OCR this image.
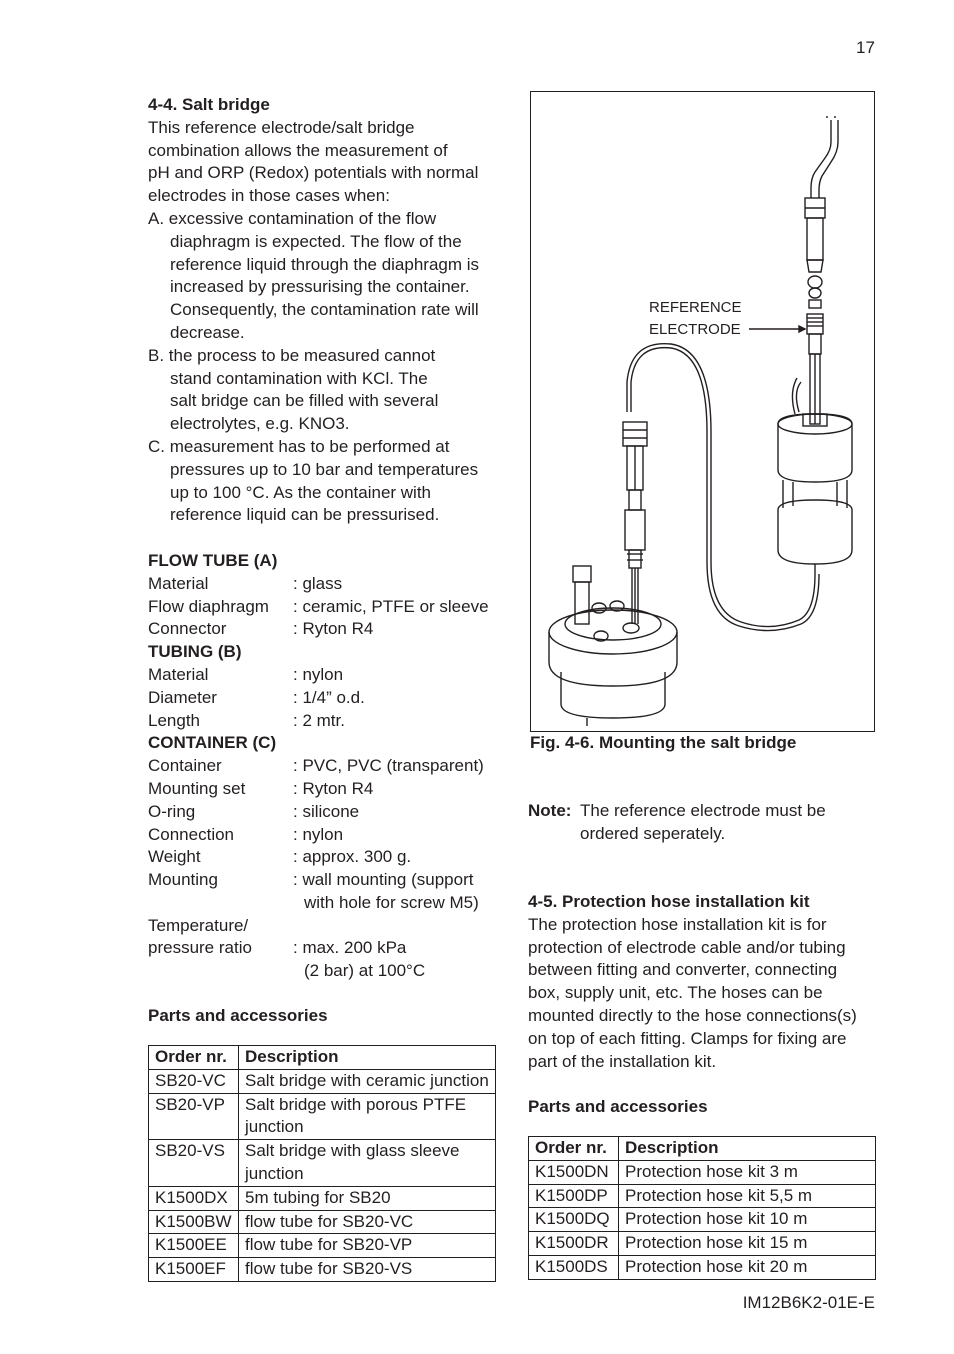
17

4-4. Salt bridge

This reference electrode/salt bridge

combination allows the measurement of

pH and ORP (Redox) potentials with normal

electrodes in those cases when:

A. excessive contamination of the flow

diaphragm is expected. The flow of the

reference liquid through the diaphragm is

increased by pressurising the container.

Consequently, the contamination rate will

decrease.

B. the process to be measured cannot

stand contamination with KCl. The

salt bridge can be filled with several

electrolytes, e.g. KNO3.

C. measurement has to be performed at

pressures up to 10 bar and temperatures

up to 100 °C. As the container with

reference liquid can be pressurised.

FLOW TUBE (A)

Material	: glass
Flow diaphragm	: ceramic, PTFE or sleeve
Connector	: Ryton R4

TUBING (B)

Material	: nylon
Diameter	: 1/4” o.d.
Length	: 2 mtr.

CONTAINER (C)

Container	: PVC, PVC (transparent)
Mounting set	: Ryton R4
O-ring	: silicone
Connection	: nylon
Weight	: approx. 300 g.
Mounting	: wall mounting (support
with hole for screw M5)
Temperature/
pressure ratio
	: max. 200 kPa
(2 bar) at 100°C

Parts and accessories

Order nr.	Description
SB20-VC	Salt bridge with ceramic junction
SB20-VP	Salt bridge with porous PTFE junction
SB20-VS	Salt bridge with glass sleeve junction
K1500DX	5m tubing for SB20
K1500BW	flow tube for SB20-VC
K1500EE	flow tube for SB20-VP
K1500EF	flow tube for SB20-VS
REFERENCE
ELECTRODE

Fig. 4-6. Mounting the salt bridge

Note: The reference electrode must be

ordered seperately.

4-5. Protection hose installation kit

The protection hose installation kit is for

protection of electrode cable and/or tubing

between fitting and converter, connecting

box, supply unit, etc. The hoses can be

mounted directly to the hose connections(s)

on top of each fitting. Clamps for fixing are

part of the installation kit.

Parts and accessories

Order nr.	Description
K1500DN	Protection hose kit 3 m
K1500DP	Protection hose kit 5,5 m
K1500DQ	Protection hose kit 10 m
K1500DR	Protection hose kit 15 m
K1500DS	Protection hose kit 20 m
IM12B6K2-01E-E
